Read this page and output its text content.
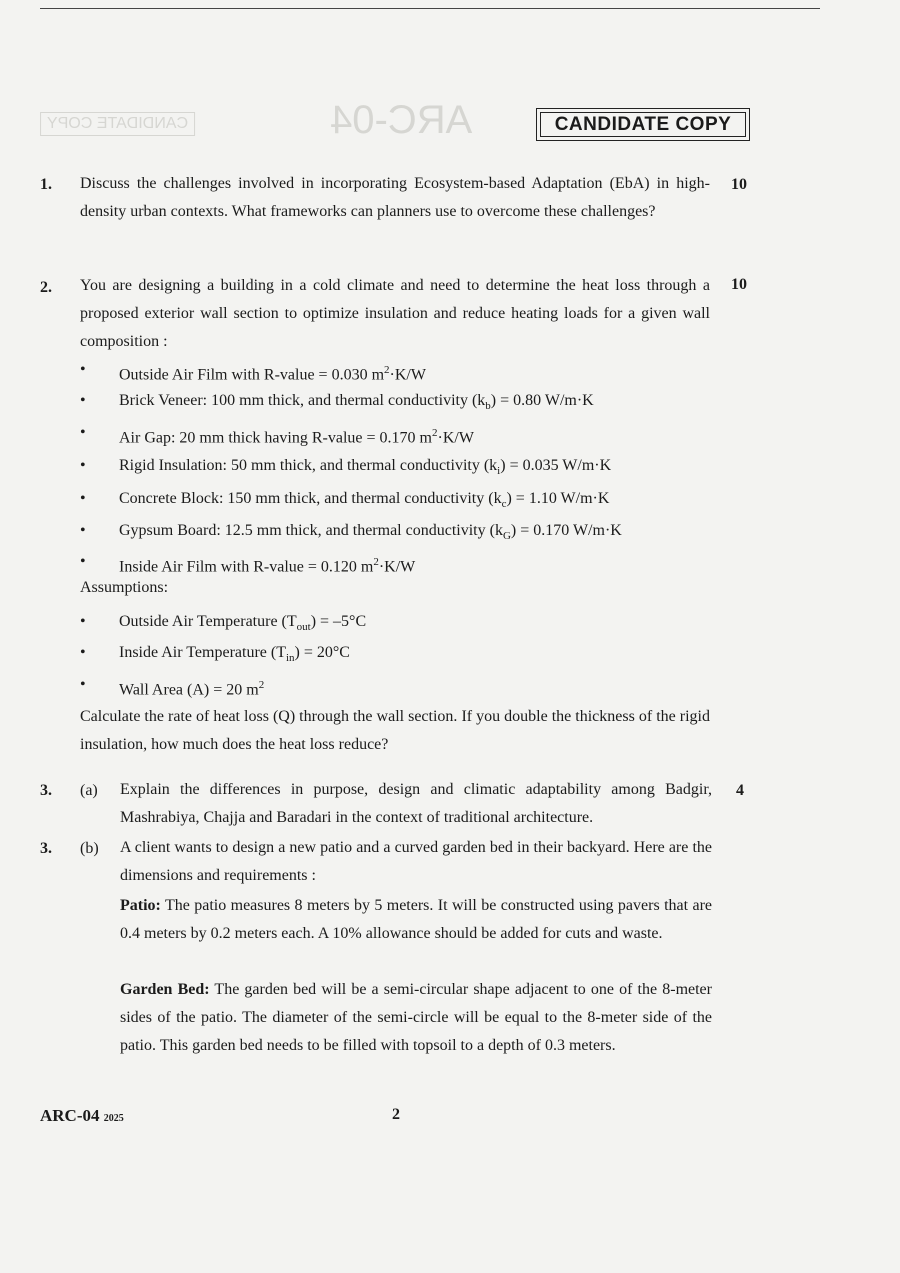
ARC-04
CANDIDATE COPY	CANDIDATE COPY
1.	10
Discuss the challenges involved in incorporating Ecosystem-based Adaptation (EbA) in high-density urban contexts. What frameworks can planners use to overcome these challenges?
2.	10
You are designing a building in a cold climate and need to determine the heat loss through a proposed exterior wall section to optimize insulation and reduce heating loads for a given wall composition :
•	Outside Air Film with R-value = 0.030 $m^2\cdot K/W$
•	Brick Veneer: 100 mm thick, and thermal conductivity $(k_b) = 0.80$ W/m·K
•	Air Gap: 20 mm thick having R-value = 0.170 $m^2\cdot K/W$
•	Rigid Insulation: 50 mm thick, and thermal conductivity $(k_i) = 0.035$ W/m·K
•	Concrete Block: 150 mm thick, and thermal conductivity $(k_c) = 1.10$ W/m·K
•	Gypsum Board: 12.5 mm thick, and thermal conductivity $(k_G) = 0.170$ W/m·K
•	Inside Air Film with R-value = 0.120 $m^2\cdot K/W$
Assumptions:
•	Outside Air Temperature $(T_{out}) = -5^\circ C$
•	Inside Air Temperature $(T_{in}) = 20^\circ C$
•	Wall Area (A) = 20 $m^2$
Calculate the rate of heat loss (Q) through the wall section. If you double the thickness of the rigid insulation, how much does the heat loss reduce?
3. (a)	4
Explain the differences in purpose, design and climatic adaptability among Badgir, Mashrabiya, Chajja and Baradari in the context of traditional architecture.
3. (b) A client wants to design a new patio and a curved garden bed in their backyard. Here are the dimensions and requirements :
Patio: The patio measures 8 meters by 5 meters. It will be constructed using pavers that are 0.4 meters by 0.2 meters each. A 10% allowance should be added for cuts and waste.
Garden Bed: The garden bed will be a semi-circular shape adjacent to one of the 8-meter sides of the patio. The diameter of the semi-circle will be equal to the 8-meter side of the patio. This garden bed needs to be filled with topsoil to a depth of 0.3 meters.
ARC-04 2025	2
